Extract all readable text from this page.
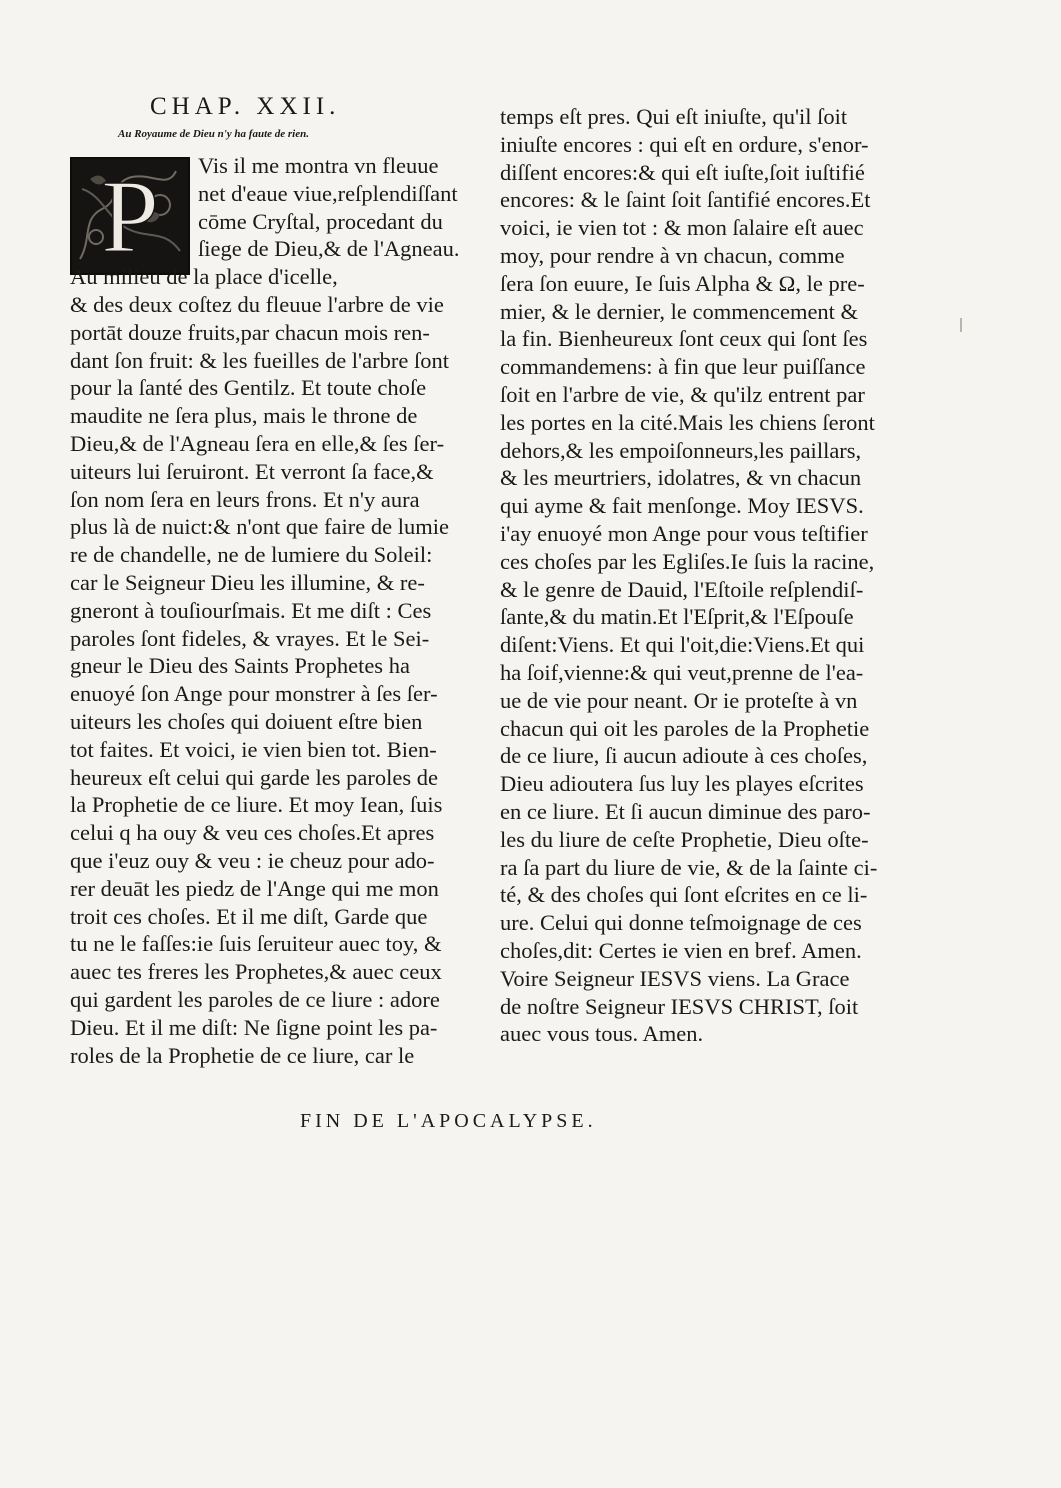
CHAP. XXII.
Au Royaume de Dieu n'y ha faute de rien.
P	Vis il me montra vn fleuue
net d'eaue viue,reſplendiſſant
cōme Cryſtal, procedant du
ſiege de Dieu,& de l'Agneau.
Au milieu de la place d'icelle,
& des deux coſtez du fleuue l'arbre de vie
portāt douze fruits,par chacun mois ren-
dant ſon fruit: & les fueilles de l'arbre ſont
pour la ſanté des Gentilz. Et toute choſe
maudite ne ſera plus, mais le throne de
Dieu,& de l'Agneau ſera en elle,& ſes ſer-
uiteurs lui ſeruiront. Et verront ſa face,&
ſon nom ſera en leurs frons. Et n'y aura
plus là de nuict:& n'ont que faire de lumie
re de chandelle, ne de lumiere du Soleil:
car le Seigneur Dieu les illumine, & re-
gneront à touſiourſmais. Et me diſt : Ces
paroles ſont fideles, & vrayes. Et le Sei-
gneur le Dieu des Saints Prophetes ha
enuoyé ſon Ange pour monstrer à ſes ſer-
uiteurs les choſes qui doiuent eſtre bien
tot faites. Et voici, ie vien bien tot. Bien-
heureux eſt celui qui garde les paroles de
la Prophetie de ce liure. Et moy Iean, ſuis
celui q ha ouy & veu ces choſes.Et apres
que i'euz ouy & veu : ie cheuz pour ado-
rer deuāt les piedz de l'Ange qui me mon
troit ces choſes. Et il me diſt, Garde que
tu ne le faſſes:ie ſuis ſeruiteur auec toy, &
auec tes freres les Prophetes,& auec ceux
qui gardent les paroles de ce liure : adore
Dieu. Et il me diſt: Ne ſigne point les pa-
roles de la Prophetie de ce liure, car le
temps eſt pres. Qui eſt iniuſte, qu'il ſoit
iniuſte encores : qui eſt en ordure, s'enor-
diſſent encores:& qui eſt iuſte,ſoit iuſtifié
encores: & le ſaint ſoit ſantifié encores.Et
voici, ie vien tot : & mon ſalaire eſt auec
moy, pour rendre à vn chacun, comme
ſera ſon euure, Ie ſuis Alpha & Ω, le pre-
mier, & le dernier, le commencement &
la fin. Bienheureux ſont ceux qui ſont ſes
commandemens: à fin que leur puiſſance
ſoit en l'arbre de vie, & qu'ilz entrent par
les portes en la cité.Mais les chiens ſeront
dehors,& les empoiſonneurs,les paillars,
& les meurtriers, idolatres, & vn chacun
qui ayme & fait menſonge. Moy IESVS.
i'ay enuoyé mon Ange pour vous teſtifier
ces choſes par les Egliſes.Ie ſuis la racine,
& le genre de Dauid, l'Eſtoile reſplendiſ-
ſante,& du matin.Et l'Eſprit,& l'Eſpouſe
diſent:Viens. Et qui l'oit,die:Viens.Et qui
ha ſoif,vienne:& qui veut,prenne de l'ea-
ue de vie pour neant. Or ie proteſte à vn
chacun qui oit les paroles de la Prophetie
de ce liure, ſi aucun adioute à ces choſes,
Dieu adioutera ſus luy les playes eſcrites
en ce liure. Et ſi aucun diminue des paro-
les du liure de ceſte Prophetie, Dieu oſte-
ra ſa part du liure de vie, & de la ſainte ci-
té, & des choſes qui ſont eſcrites en ce li-
ure. Celui qui donne teſmoignage de ces
choſes,dit: Certes ie vien en bref. Amen.
Voire Seigneur IESVS viens. La Grace
de noſtre Seigneur IESVS CHRIST, ſoit
auec vous tous. Amen.
FIN DE L'APOCALYPSE.
